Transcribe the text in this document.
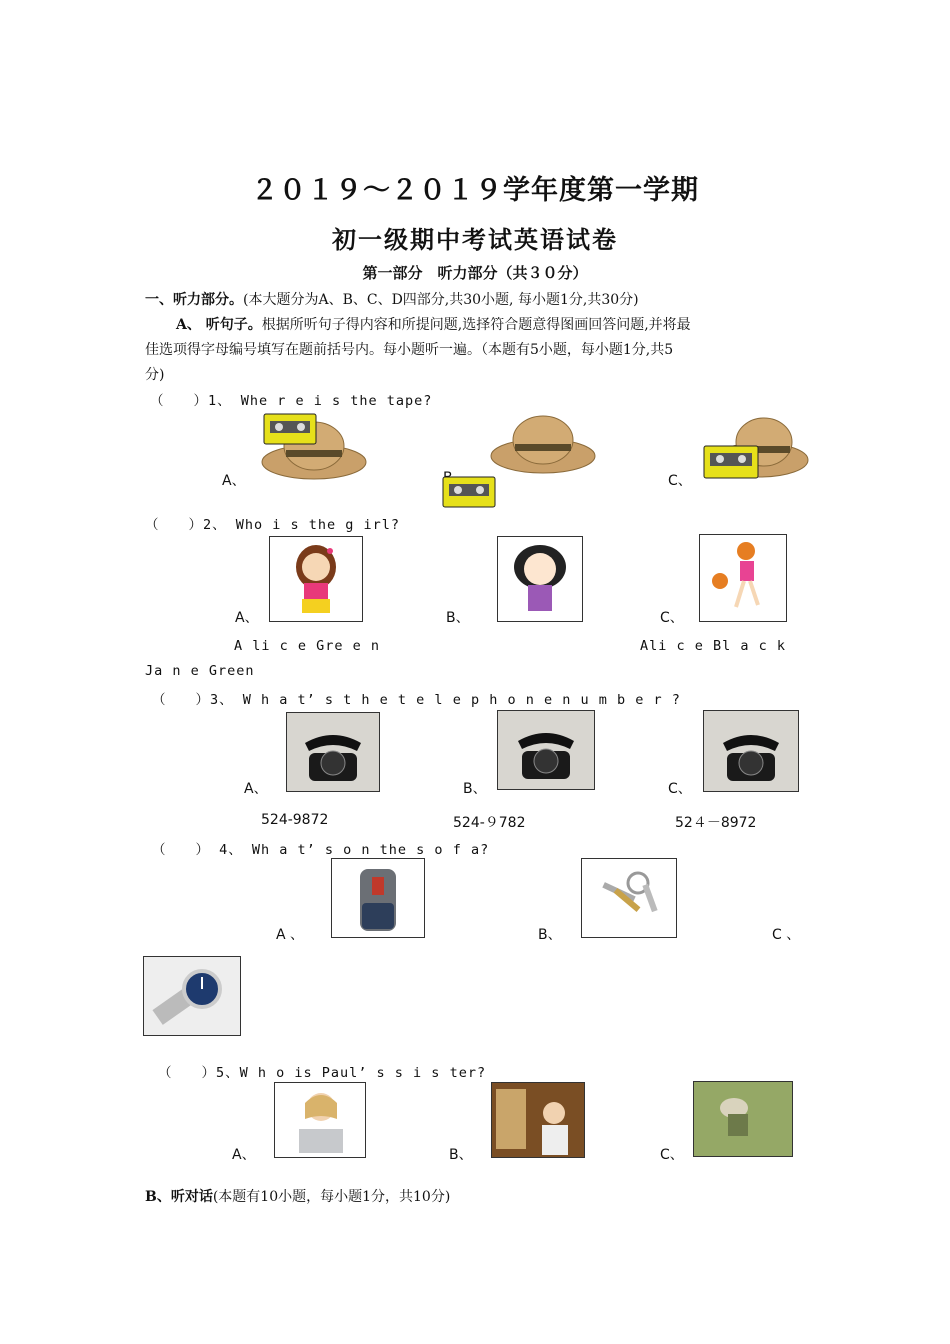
２０１９～２０１９学年度第一学期
初一级期中考试英语试卷
第一部分　听力部分（共３０分）
一、听力部分。(本大题分为A、B、C、D四部分,共30小题, 每小题1分,共30分)
A、 听句子。根据所听句子得内容和所提问题,选择符合题意得图画回答问题,并将最
佳选项得字母编号填写在题前括号内。每小题听一遍。（本题有5小题，每小题1分,共5
分)
（　　）1、 Whe r e i s the tape?
A、	C、
（　　）2、 Who i s the g irl?
A、	B、	C、
A li c e Gre e n	Ali c e Bl a c k
Ja n e Green
（　　）3、 W h a t’ s t h e t e l e p h o n e n u m b e r ?
A、	B、	C、
524-9872	524-９782	52４－8972
（　　） 4、 Wh a t’ s o n the s o f a?
A 、	B、	C 、
（　　）5、W h o is Paul’ s s i s ter?
A、	B、	C、
B、听对话(本题有10小题，每小题1分，共10分)
